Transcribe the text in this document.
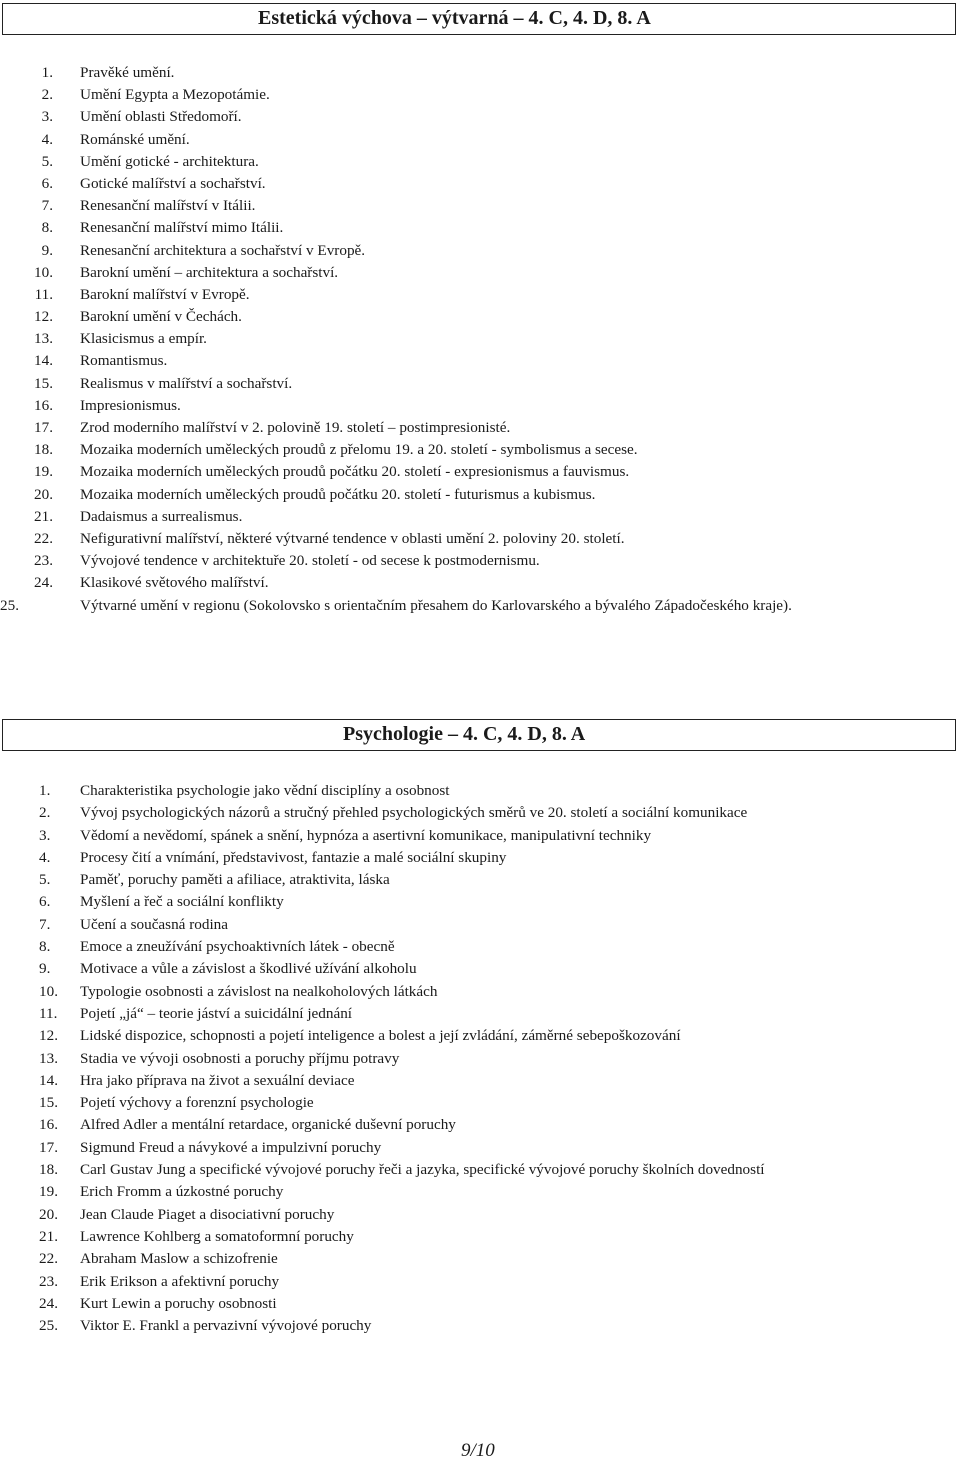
Estetická výchova – výtvarná – 4. C, 4. D, 8. A
1. Pravěké umění.
2. Umění Egypta a Mezopotámie.
3. Umění oblasti Středomoří.
4. Románské umění.
5. Umění gotické - architektura.
6. Gotické malířství a sochařství.
7. Renesanční malířství v Itálii.
8. Renesanční malířství mimo Itálii.
9. Renesanční architektura a sochařství v Evropě.
10. Barokní umění – architektura a sochařství.
11. Barokní malířství v Evropě.
12. Barokní umění v Čechách.
13. Klasicismus a empír.
14. Romantismus.
15. Realismus v malířství a sochařství.
16. Impresionismus.
17. Zrod moderního malířství v 2. polovině 19. století – postimpresionisté.
18. Mozaika moderních uměleckých proudů z přelomu 19. a 20. století - symbolismus a secese.
19. Mozaika moderních uměleckých proudů počátku 20. století - expresionismus a fauvismus.
20. Mozaika moderních uměleckých proudů počátku 20. století - futurismus a kubismus.
21. Dadaismus a surrealismus.
22. Nefigurativní malířství, některé výtvarné tendence v oblasti umění 2. poloviny 20. století.
23. Vývojové tendence v architektuře 20. století - od secese k postmodernismu.
24. Klasikové světového malířství.
25.	Výtvarné umění v regionu (Sokolovsko s orientačním přesahem do Karlovarského a bývalého Západočeského kraje).
Psychologie – 4. C, 4. D, 8. A
1.	Charakteristika psychologie jako vědní disciplíny a osobnost
2.	Vývoj psychologických názorů a stručný přehled psychologických směrů ve 20. století a sociální komunikace
3.	Vědomí a nevědomí, spánek a snění, hypnóza a asertivní komunikace, manipulativní techniky
4.	Procesy čití a vnímání, představivost, fantazie a malé sociální skupiny
5.	Paměť, poruchy paměti a afiliace, atraktivita, láska
6.	Myšlení a řeč a sociální konflikty
7.	Učení a současná rodina
8.	Emoce a zneužívání psychoaktivních látek - obecně
9.	Motivace a vůle a závislost a škodlivé užívání alkoholu
10.	Typologie osobnosti a závislost na nealkoholových látkách
11.	Pojetí „já“ – teorie jáství a suicidální jednání
12.	Lidské dispozice, schopnosti a pojetí inteligence a bolest a její zvládání, záměrné sebepoškozování
13.	Stadia ve vývoji osobnosti a poruchy příjmu potravy
14.	Hra jako příprava na život a sexuální deviace
15.	Pojetí výchovy a forenzní psychologie
16.	Alfred Adler a mentální retardace, organické duševní poruchy
17.	Sigmund Freud a návykové a impulzivní poruchy
18.	Carl Gustav Jung a specifické vývojové poruchy řeči a jazyka, specifické vývojové poruchy školních dovedností
19.	Erich Fromm a úzkostné poruchy
20.	Jean Claude Piaget a disociativní poruchy
21.	Lawrence Kohlberg a somatoformní poruchy
22.	Abraham Maslow a schizofrenie
23.	Erik Erikson a afektivní poruchy
24.	Kurt Lewin a poruchy osobnosti
25.	Viktor E. Frankl a pervazivní vývojové poruchy
9/10
